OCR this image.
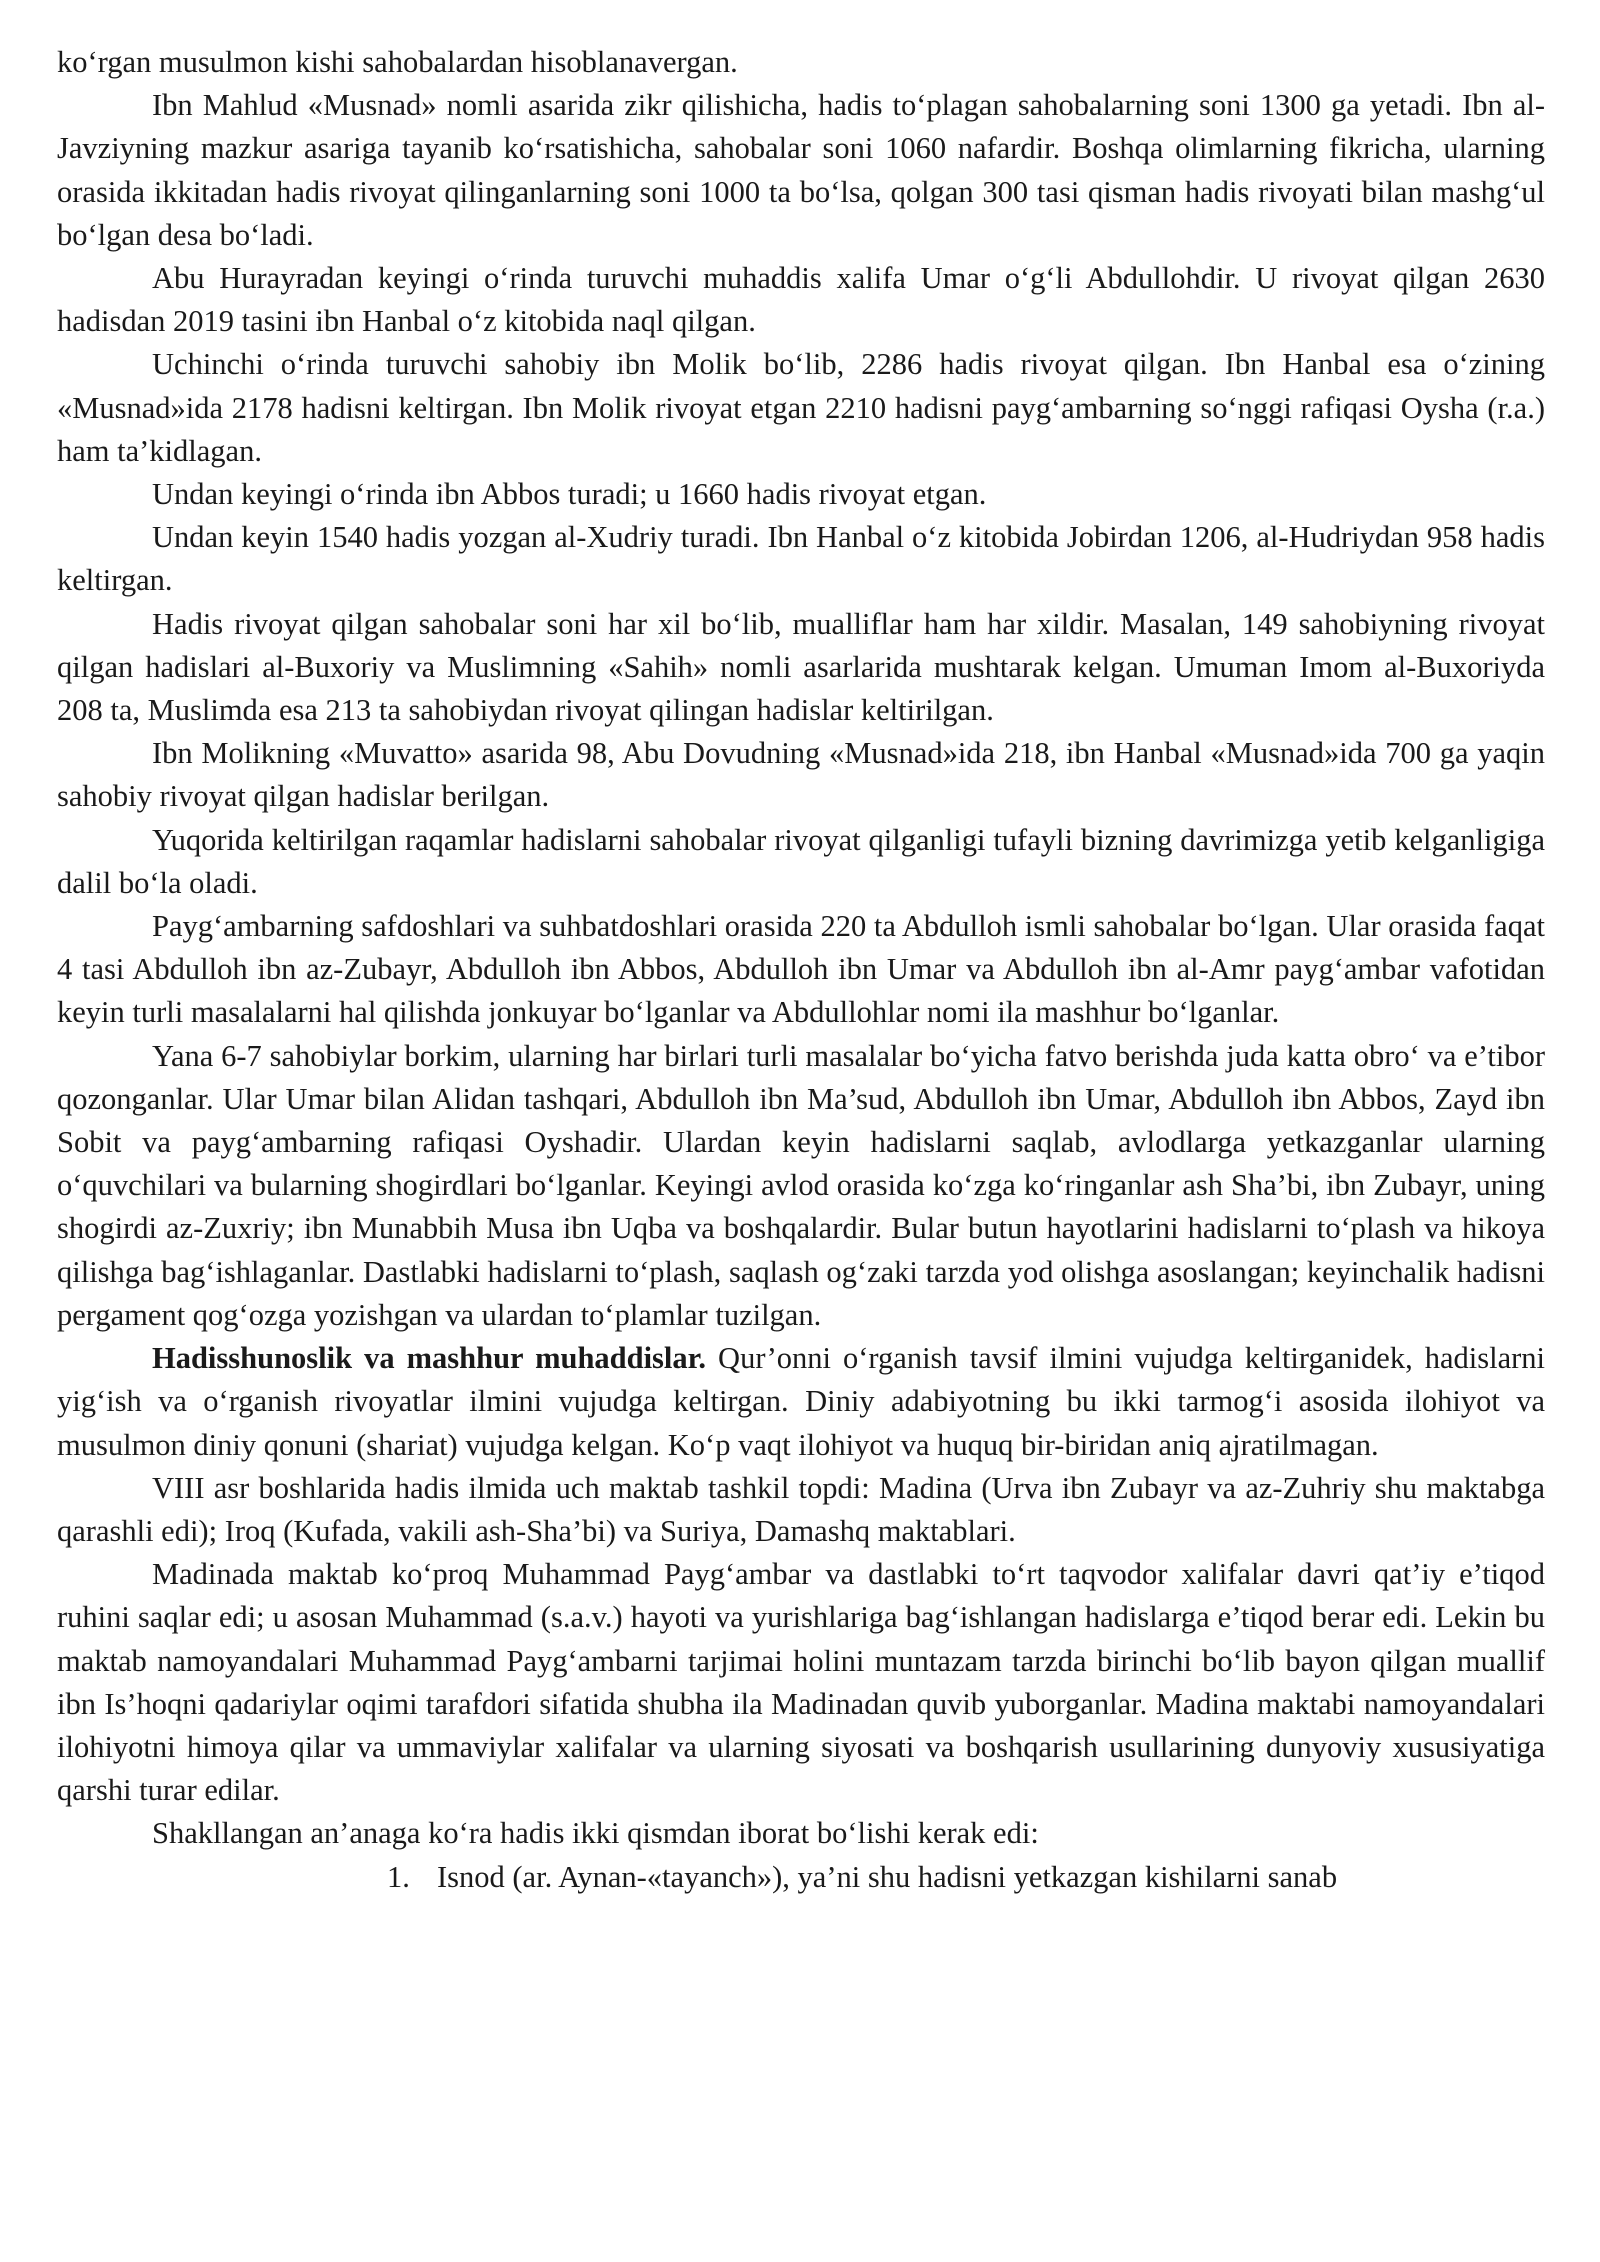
ko‘rgan musulmon kishi sahobalardan hisoblanavergan.

Ibn Mahlud «Musnad» nomli asarida zikr qilishicha, hadis to‘plagan sahobalarning soni 1300 ga yetadi. Ibn al-Javziyning mazkur asariga tayanib ko‘rsatishicha, sahobalar soni 1060 nafardir. Boshqa olimlarning fikricha, ularning orasida ikkitadan hadis rivoyat qilinganlarning soni 1000 ta bo‘lsa, qolgan 300 tasi qisman hadis rivoyati bilan mashg‘ul bo‘lgan desa bo‘ladi.

Abu Hurayradan keyingi o‘rinda turuvchi muhaddis xalifa Umar o‘g‘li Abdullohdir. U rivoyat qilgan 2630 hadisdan 2019 tasini ibn Hanbal o‘z kitobida naql qilgan.

Uchinchi o‘rinda turuvchi sahobiy ibn Molik bo‘lib, 2286 hadis rivoyat qilgan. Ibn Hanbal esa o‘zining «Musnad»ida 2178 hadisni keltirgan. Ibn Molik rivoyat etgan 2210 hadisni payg‘ambarning so‘nggi rafiqasi Oysha (r.a.) ham ta’kidlagan.

Undan keyingi o‘rinda ibn Abbos turadi; u 1660 hadis rivoyat etgan.

Undan keyin 1540 hadis yozgan al-Xudriy turadi. Ibn Hanbal o‘z kitobida Jobirdan 1206, al-Hudriydan 958 hadis keltirgan.

Hadis rivoyat qilgan sahobalar soni har xil bo‘lib, mualliflar ham har xildir. Masalan, 149 sahobiyning rivoyat qilgan hadislari al-Buxoriy va Muslimning «Sahih» nomli asarlarida mushtarak kelgan. Umuman Imom al-Buxoriyda 208 ta, Muslimda esa 213 ta sahobiydan rivoyat qilingan hadislar keltirilgan.

Ibn Molikning «Muvatto» asarida 98, Abu Dovudning «Musnad»ida 218, ibn Hanbal «Musnad»ida 700 ga yaqin sahobiy rivoyat qilgan hadislar berilgan.

Yuqorida keltirilgan raqamlar hadislarni sahobalar rivoyat qilganligi tufayli bizning davrimizga yetib kelganligiga dalil bo‘la oladi.

Payg‘ambarning safdoshlari va suhbatdoshlari orasida 220 ta Abdulloh ismli sahobalar bo‘lgan. Ular orasida faqat 4 tasi Abdulloh ibn az-Zubayr, Abdulloh ibn Abbos, Abdulloh ibn Umar va Abdulloh ibn al-Amr payg‘ambar vafotidan keyin turli masalalarni hal qilishda jonkuyar bo‘lganlar va Abdullohlar nomi ila mashhur bo‘lganlar.

Yana 6-7 sahobiylar borkim, ularning har birlari turli masalalar bo‘yicha fatvo berishda juda katta obro‘ va e’tibor qozonganlar. Ular Umar bilan Alidan tashqari, Abdulloh ibn Ma’sud, Abdulloh ibn Umar, Abdulloh ibn Abbos, Zayd ibn Sobit va payg‘ambarning rafiqasi Oyshadir. Ulardan keyin hadislarni saqlab, avlodlarga yetkazganlar ularning o‘quvchilari va bularning shogirdlari bo‘lganlar. Keyingi avlod orasida ko‘zga ko‘ringanlar ash Sha’bi, ibn Zubayr, uning shogirdi az-Zuxriy; ibn Munabbih Musa ibn Uqba va boshqalardir. Bular butun hayotlarini hadislarni to‘plash va hikoya qilishga bag‘ishlaganlar. Dastlabki hadislarni to‘plash, saqlash og‘zaki tarzda yod olishga asoslangan; keyinchalik hadisni pergament qog‘ozga yozishgan va ulardan to‘plamlar tuzilgan.

Hadisshunoslik va mashhur muhaddislar. Qur’onni o‘rganish tavsif ilmini vujudga keltirganidek, hadislarni yig‘ish va o‘rganish rivoyatlar ilmini vujudga keltirgan. Diniy adabiyotning bu ikki tarmog‘i asosida ilohiyot va musulmon diniy qonuni (shariat) vujudga kelgan. Ko‘p vaqt ilohiyot va huquq bir-biridan aniq ajratilmagan.

VIII asr boshlarida hadis ilmida uch maktab tashkil topdi: Madina (Urva ibn Zubayr va az-Zuhriy shu maktabga qarashli edi); Iroq (Kufada, vakili ash-Sha’bi) va Suriya, Damashq maktablari.

Madinada maktab ko‘proq Muhammad Payg‘ambar va dastlabki to‘rt taqvodor xalifalar davri qat’iy e’tiqod ruhini saqlar edi; u asosan Muhammad (s.a.v.) hayoti va yurishlariga bag‘ishlangan hadislarga e’tiqod berar edi. Lekin bu maktab namoyandalari Muhammad Payg‘ambarni tarjimai holini muntazam tarzda birinchi bo‘lib bayon qilgan muallif ibn Is’hoqni qadariylar oqimi tarafdori sifatida shubha ila Madinadan quvib yuborganlar. Madina maktabi namoyandalari ilohiyotni himoya qilar va ummaviylar xalifalar va ularning siyosati va boshqarish usullarining dunyoviy xususiyatiga qarshi turar edilar.

Shakllangan an’anaga ko‘ra hadis ikki qismdan iborat bo‘lishi kerak edi:

1. Isnod (ar. Aynan-«tayanch»), ya’ni shu hadisni yetkazgan kishilarni sanab
